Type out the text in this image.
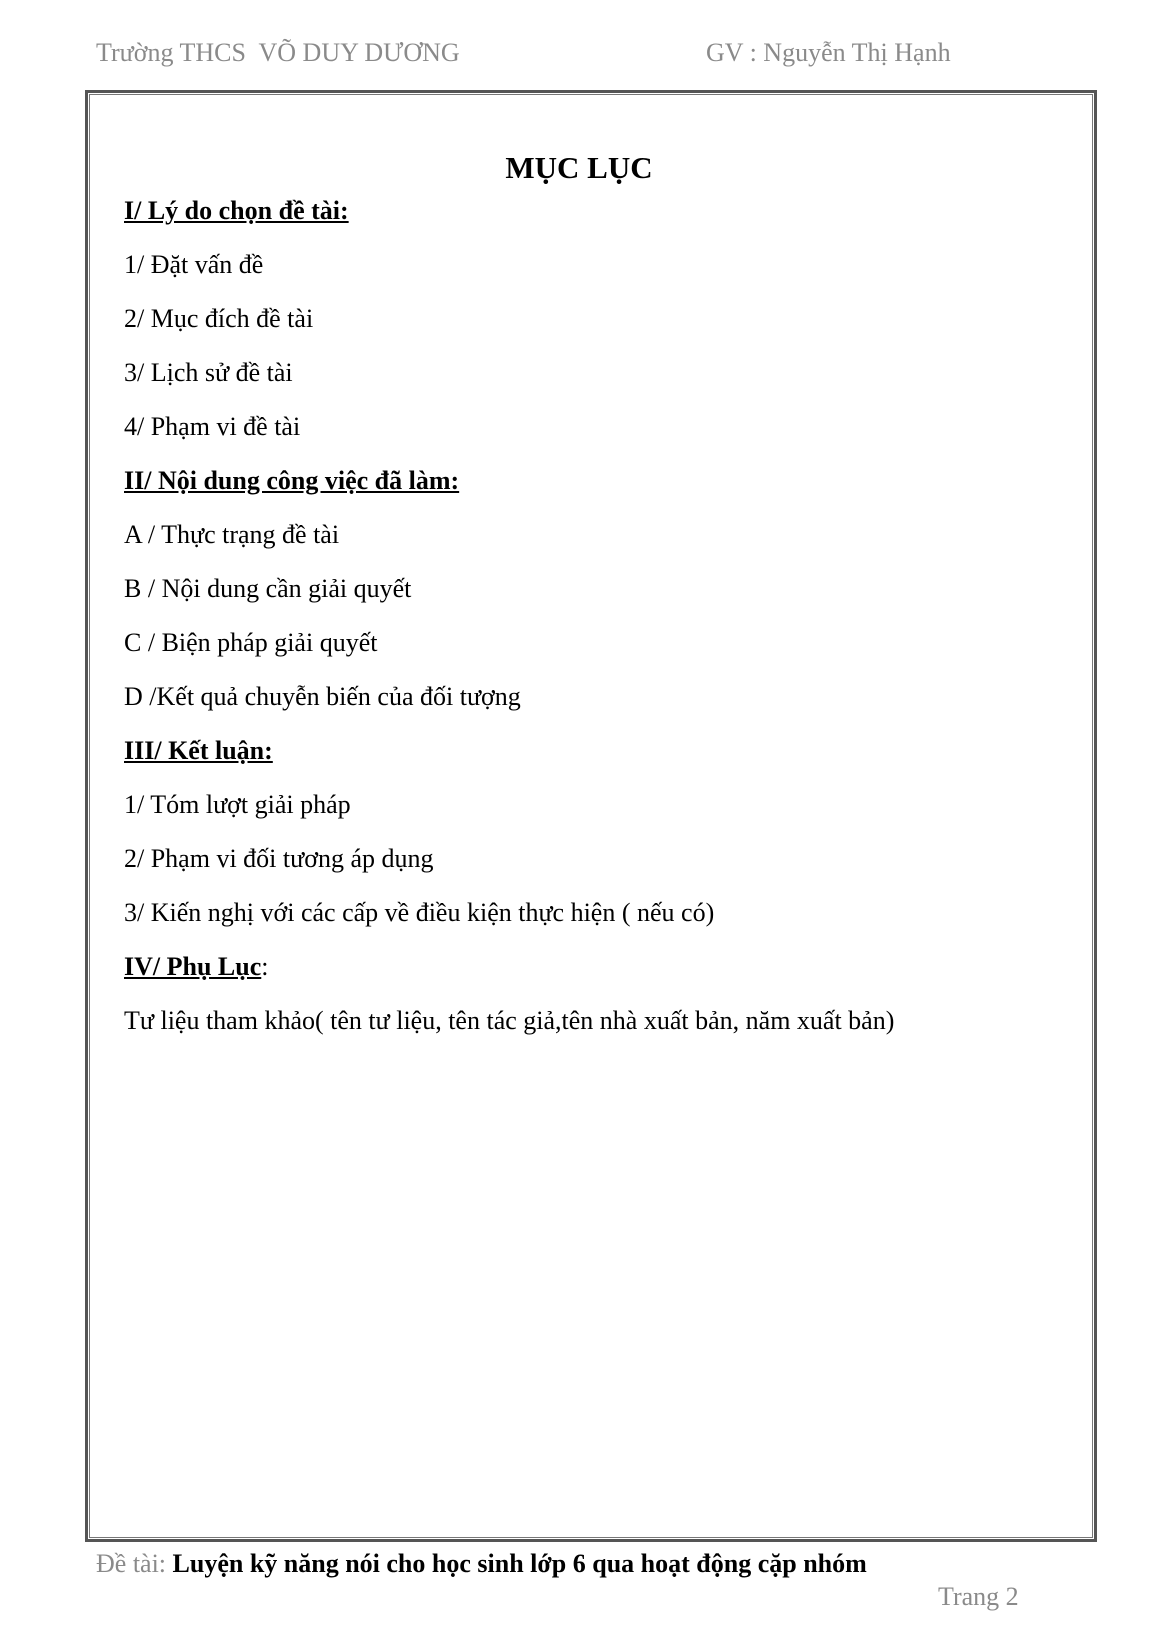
Trường THCS  VÕ DUY DƯƠNG	GV : Nguyễn Thị Hạnh
MỤC LỤC
I/ Lý do chọn đề tài:
1/ Đặt vấn đề
2/ Mục đích đề tài
3/ Lịch sử đề tài
4/ Phạm vi đề tài
II/ Nội dung công việc đã làm:
A / Thực trạng đề tài
B / Nội dung cần giải quyết
C / Biện pháp giải quyết
D /Kết quả chuyễn biến của đối tượng
III/ Kết luận:
1/ Tóm lượt giải pháp
2/ Phạm vi đối tương áp dụng
3/ Kiến nghị với các cấp về điều kiện thực hiện ( nếu có)
IV/ Phụ Lục:
Tư liệu tham khảo( tên tư liệu, tên tác giả,tên nhà xuất bản, năm xuất bản)
Đề tài: Luyện kỹ năng nói cho học sinh lớp 6 qua hoạt động cặp nhóm
Trang 2
